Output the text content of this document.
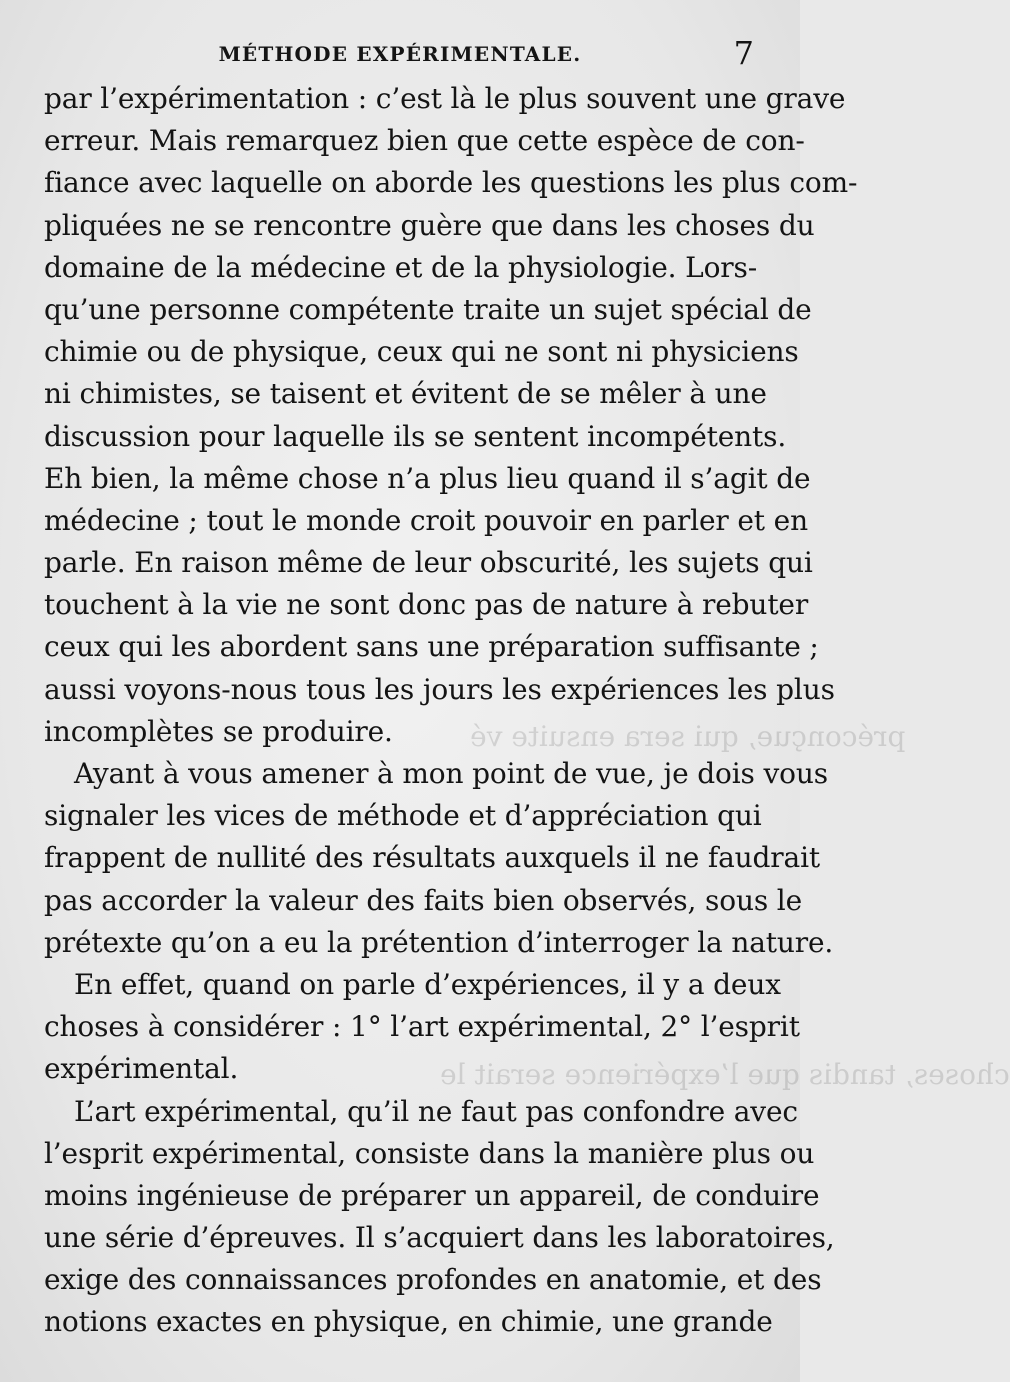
préconçue, qui sera ensuite vé
choses, tandis que l’expérience serait le
MÉTHODE EXPÉRIMENTALE.	7
par l’expérimentation : c’est là le plus souvent une grave
erreur. Mais remarquez bien que cette espèce de con-
fiance avec laquelle on aborde les questions les plus com-
pliquées ne se rencontre guère que dans les choses du
domaine de la médecine et de la physiologie. Lors-
qu’une personne compétente traite un sujet spécial de
chimie ou de physique, ceux qui ne sont ni physiciens
ni chimistes, se taisent et évitent de se mêler à une
discussion pour laquelle ils se sentent incompétents.
Eh bien, la même chose n’a plus lieu quand il s’agit de
médecine ; tout le monde croit pouvoir en parler et en
parle. En raison même de leur obscurité, les sujets qui
touchent à la vie ne sont donc pas de nature à rebuter
ceux qui les abordent sans une préparation suffisante ;
aussi voyons-nous tous les jours les expériences les plus
incomplètes se produire.
Ayant à vous amener à mon point de vue, je dois vous
signaler les vices de méthode et d’appréciation qui
frappent de nullité des résultats auxquels il ne faudrait
pas accorder la valeur des faits bien observés, sous le
prétexte qu’on a eu la prétention d’interroger la nature.
En effet, quand on parle d’expériences, il y a deux
choses à considérer : 1° l’art expérimental, 2° l’esprit
expérimental.
L’art expérimental, qu’il ne faut pas confondre avec
l’esprit expérimental, consiste dans la manière plus ou
moins ingénieuse de préparer un appareil, de conduire
une série d’épreuves. Il s’acquiert dans les laboratoires,
exige des connaissances profondes en anatomie, et des
notions exactes en physique, en chimie, une grande
